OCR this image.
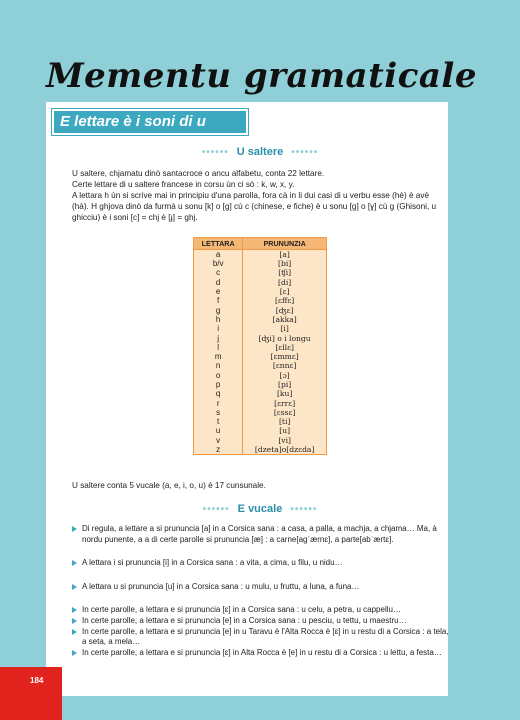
Mementu gramaticale
E lettare è i soni di u corsu
•••••• U saltere ••••••

U saltere, chjamatu dinò santacroce o ancu alfabetu, conta 22 lettare.

Certe lettare di u saltere francese in corsu ùn ci sò : k, w, x, y.

A lettara h ùn si scrive mai in principiu d'una parolla, fora cà in li dui casi di u verbu esse (hè) è avè (hà). H ghjova dinò da furmà u sonu [k] o [g] cù c (chinese, e fiche) è u sonu [g] o [ɣ] cù g (Ghisoni, u ghicciu) è i soni [c] = chj è [ɟ] = ghj.

LETTARA	PRUNUNZIA
a	[a]
b/v	[bi]
c	[ʧi]
d	[di]
e	[ɛ]
f	[ɛffɛ]
g	[ʤɛ]
h	[akka]
i	[i]
j	[ʤi] o i longu
l	[ɛllɛ]
m	[ɛmmɛ]
n	[ɛnnɛ]
o	[ɔ]
p	[pi]
q	[ku]
r	[ɛrrɛ]
s	[ɛssɛ]
t	[ti]
u	[u]
v	[vi]
z	[dzeta]o[dzɛda]
U saltere conta 5 vucale (a, e, i, o, u) è 17 cunsunale.
•••••• E vucale ••••••
Di regula, a lettare a si prununcia [a] in a Corsica sana : a casa, a palla, a machja, a chjama… Ma, à nordu punente, a a di certe parolle si prununcia [æ] : a carne[aɡˈærnɛ], a parte[abˈærtɛ].
A lettara i si prununcia [i] in a Corsica sana : a vita, a cima, u filu, u nidu…
A lettara u si prununcia [u] in a Corsica sana : u mulu, u fruttu, a luna, a funa…
In certe parolle, a lettara e si prununcia [ɛ] in a Corsica sana : u celu, a petra, u cappellu…
In certe parolle, a lettara e si prununcia [e] in a Corsica sana : u pesciu, u tettu, u maestru…
In certe parolle, a lettara e si prununcia [e] in u Taravu è l'Alta Rocca è [ɛ] in u restu di a Corsica : a tela, a seta, a mela…
In certe parolle, a lettara e si prununcia [ɛ] in Alta Rocca è [e] in u restu di a Corsica : u lettu, a festa…
184
